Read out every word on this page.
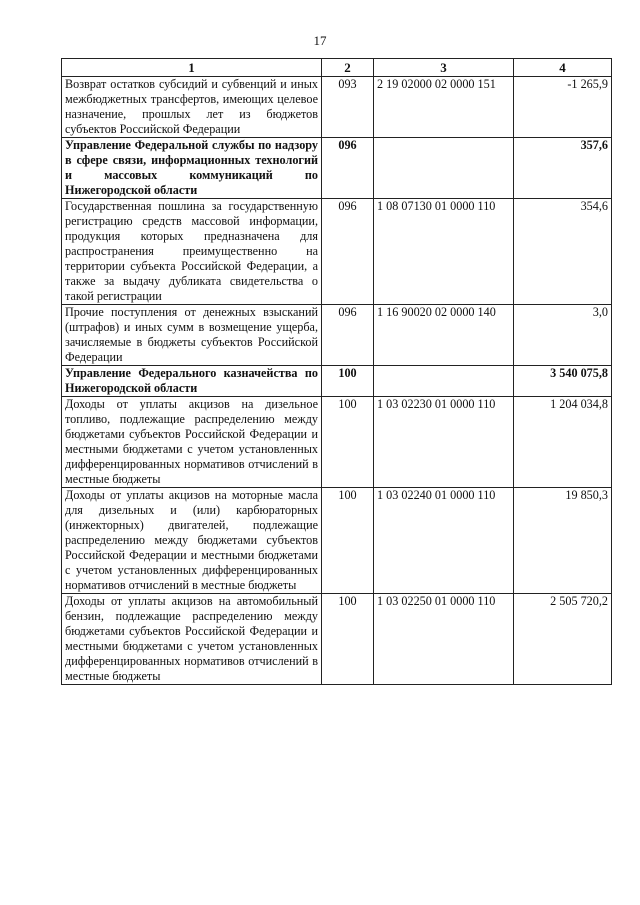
17
1	2	3	4
Возврат остатков субсидий и субвенций и иных межбюджетных трансфертов, имеющих целевое назначение, прошлых лет из бюджетов субъектов Российской Федерации	093	2 19 02000 02 0000 151	-1 265,9
Управление Федеральной службы по надзору в сфере связи, информационных технологий и массовых коммуникаций по Нижегородской области	096		357,6
Государственная пошлина за государственную регистрацию средств массовой информации, продукция которых предназначена для распространения преимущественно на территории субъекта Российской Федерации, а также за выдачу дубликата свидетельства о такой регистрации	096	1 08 07130 01 0000 110	354,6
Прочие поступления от денежных взысканий (штрафов) и иных сумм в возмещение ущерба, зачисляемые в бюджеты субъектов Российской Федерации	096	1 16 90020 02 0000 140	3,0
Управление Федерального казначейства по Нижегородской области	100		3 540 075,8
Доходы от уплаты акцизов на дизельное топливо, подлежащие распределению между бюджетами субъектов Российской Федерации и местными бюджетами с учетом установленных дифференцированных нормативов отчислений в местные бюджеты	100	1 03 02230 01 0000 110	1 204 034,8
Доходы от уплаты акцизов на моторные масла для дизельных и (или) карбюраторных (инжекторных) двигателей, подлежащие распределению между бюджетами субъектов Российской Федерации и местными бюджетами с учетом установленных дифференцированных нормативов отчислений в местные бюджеты	100	1 03 02240 01 0000 110	19 850,3
Доходы от уплаты акцизов на автомобильный бензин, подлежащие распределению между бюджетами субъектов Российской Федерации и местными бюджетами с учетом установленных дифференцированных нормативов отчислений в местные бюджеты	100	1 03 02250 01 0000 110	2 505 720,2
